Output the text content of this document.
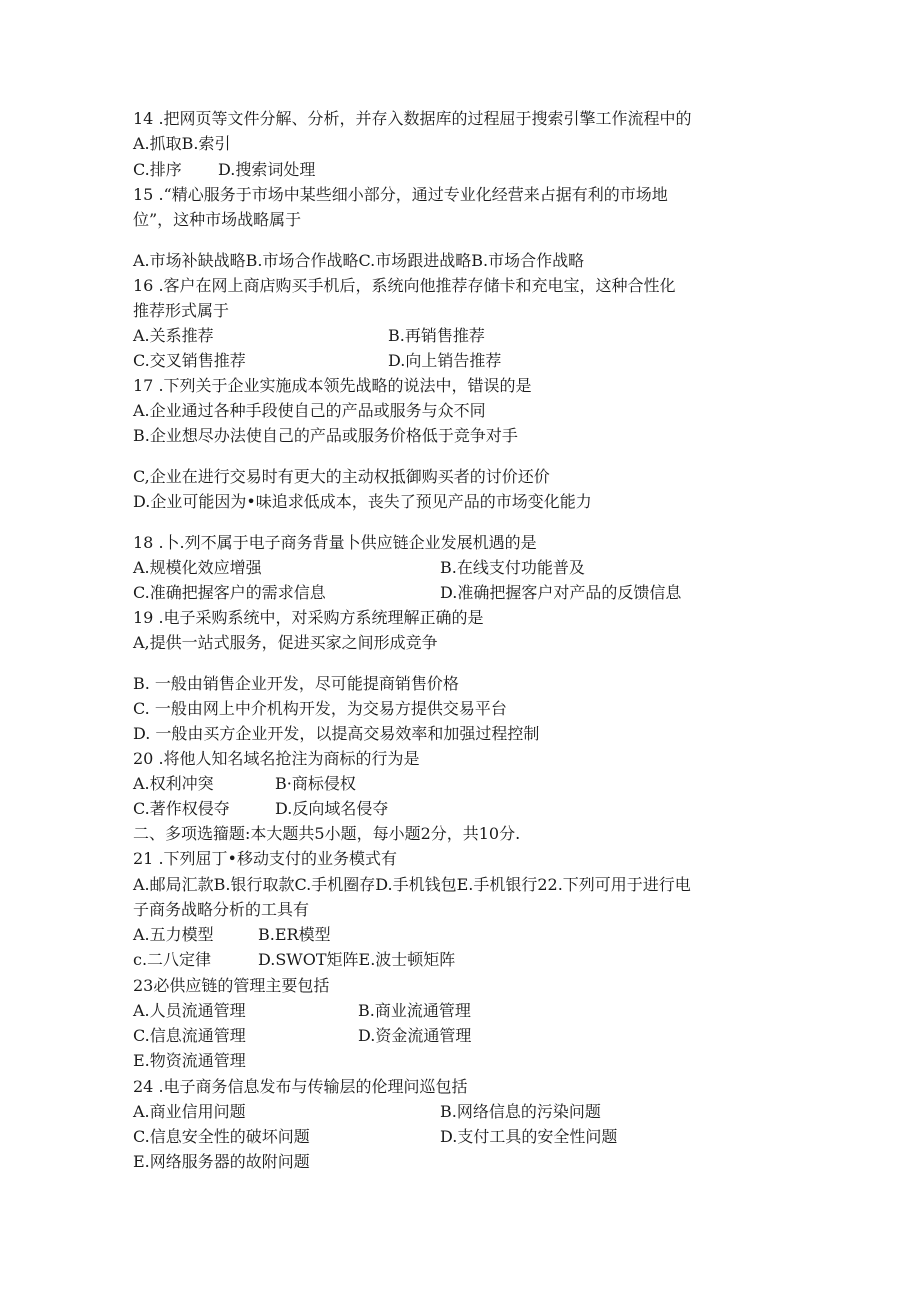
14 .把网页等文件分解、分析，并存入数据库的过程屈于搜索引擎工作流程中的
A.抓取B.索引
C.排序 D.搜索词处理
15 .“精心服务于市场中某些细小部分，通过专业化经营来占据有利的市场地
位”，这种市场战略属于
A.市场补缺战略B.市场合作战略C.市场跟进战略B.市场合作战略
16 .客户在网上商店购买手机后，系统向他推荐存储卡和充电宝，这种合性化
推荐形式属于
A.关系推荐	B.再销售推荐
C.交叉销售推荐	D.向上销告推荐
17 .下列关于企业实施成本领先战略的说法中，错误的是
A.企业通过各种手段使自己的产品或服务与众不同
B.企业想尽办法使自己的产品或服务价格低于竞争对手
C,企业在进行交易时有更大的主动权抵御购买者的讨价还价
D.企业可能因为•味追求低成本，丧失了预见产品的市场变化能力
18 .卜.列不属于电子商务背量卜供应链企业发展机遇的是
A.规模化效应增强	B.在线支付功能普及
C.准确把握客户的需求信息	D.准确把握客户对产品的反馈信息
19 .电子采购系统中，对采购方系统理解正确的是
A,提供一站式服务，促进买家之间形成竞争
B. 一般由销售企业开发，尽可能提商销售价格
C. 一般由网上中介机构开发，为交易方提供交易平台
D. 一般由买方企业开发，以提高交易效率和加强过程控制
20 .将他人知名域名抢注为商标的行为是
A.权利冲突	B·商标侵权
C.著作权侵夺	D.反向域名侵夺
二、多项选籀题:本大题共5小题，每小题2分，共10分.
21 .下列屈丁•移动支付的业务模式有
A.邮局汇款B.银行取款C.手机圈存D.手机钱包E.手机银行22.下列可用于进行电
子商务战略分析的工具有
A.五力模型	B.ER模型
c.二八定律	D.SWOT矩阵E.波士顿矩阵
23必供应链的管理主要包括
A.人员流通管理	B.商业流通管理
C.信息流通管理	D.资金流通管理
E.物资流通管理
24 .电子商务信息发布与传输层的伦理问巡包括
A.商业信用问题	B.网络信息的污染问题
C.信息安全性的破坏问题	D.支付工具的安全性问题
E.网络服务器的故附问题
